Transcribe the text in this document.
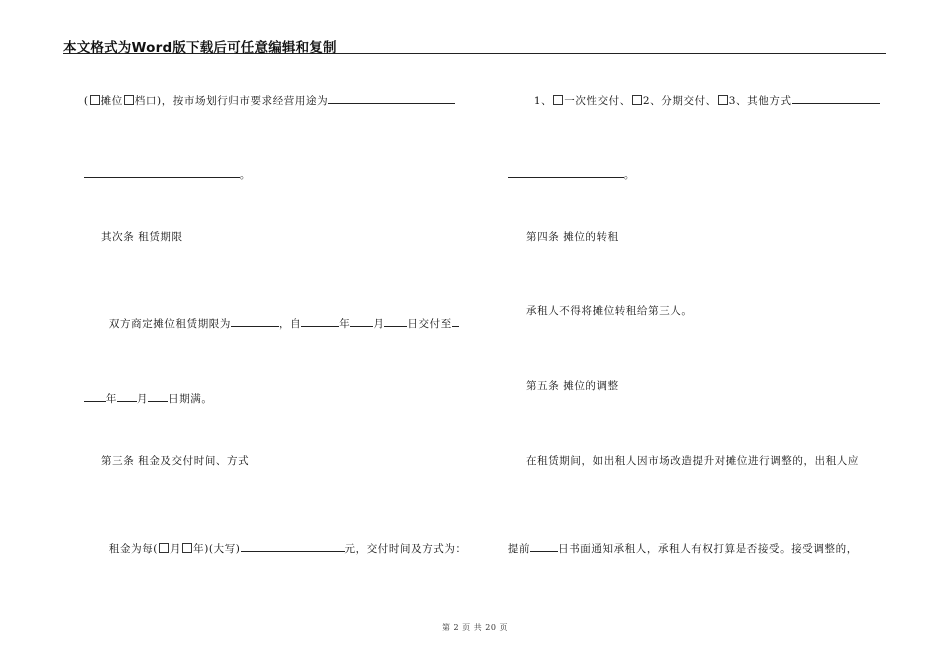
本文格式为Word版下载后可任意编辑和复制

( 摊位 档口)，按市场划行归市要求经营用途为

。

其次条 租赁期限

双方商定摊位租赁期限为	，自	年 月 日交付至

年 月 日期满。

第三条 租金及交付时间、方式

租金为每( 月 年)(大写)	元，交付时间及方式为：

1、 一次性交付、 2、分期交付、 3、其他方式

。

第四条 摊位的转租
承租人不得将摊位转租给第三人。
第五条 摊位的调整
在租赁期间，如出租人因市场改造提升对摊位进行调整的，出租人应

提前	日书面通知承租人，承租人有权打算是否接受。接受调整的，

第 2 页 共 20 页
